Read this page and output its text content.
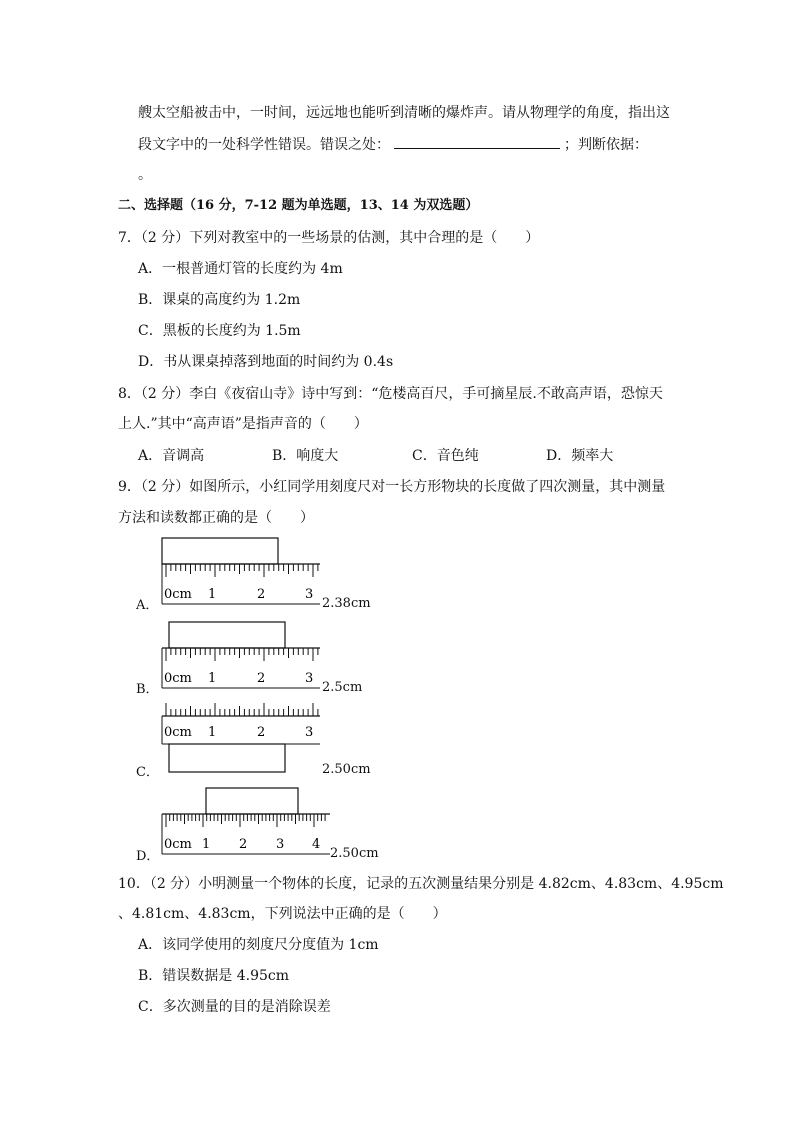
艘太空船被击中，一时间，远远地也能听到清晰的爆炸声。请从物理学的角度，指出这
段文字中的一处科学性错误。错误之处：	；判断依据：
。
二、选择题（16 分，7-12 题为单选题，13、14 为双选题）
7．（2 分）下列对教室中的一些场景的估测，其中合理的是（　　）
A．一根普通灯管的长度约为 4m
B．课桌的高度约为 1.2m
C．黑板的长度约为 1.5m
D．书从课桌掉落到地面的时间约为 0.4s
8．（2 分）李白《夜宿山寺》诗中写到：“危楼高百尺，手可摘星辰.不敢高声语，恐惊天
上人.”其中“高声语”是指声音的（　　）
A．音调高	B．响度大	C．音色纯	D．频率大
9．（2 分）如图所示，小红同学用刻度尺对一长方形物块的长度做了四次测量，其中测量
方法和读数都正确的是（　　）
0cm 1	2	3
A．	2.38cm
0cm 1	2	3
B．	2.5cm
0cm 1	2	3
C．	2.50cm
0cm 1 2 3 4
D．	2.50cm
10．（2 分）小明测量一个物体的长度，记录的五次测量结果分别是 4.82cm、4.83cm、4.95cm
、4.81cm、4.83cm，下列说法中正确的是（　　）
A．该同学使用的刻度尺分度值为 1cm
B．错误数据是 4.95cm
C．多次测量的目的是消除误差
